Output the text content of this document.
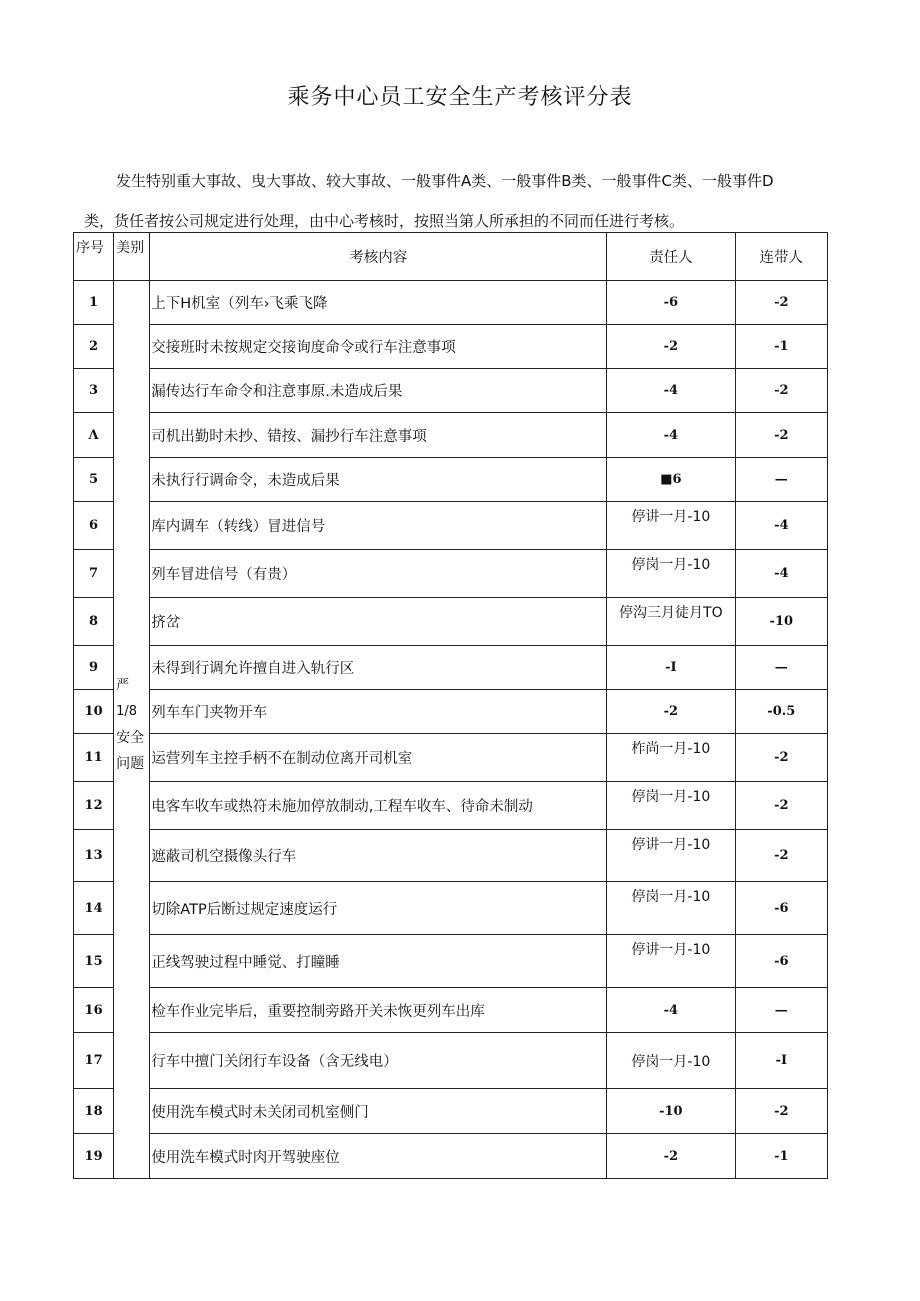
乘务中心员工安全生产考核评分表
发生特别重大事故、曳大事故、较大事故、一般事件A类、一般事件B类、一般事件C类、一般事件D
类，货任者按公司规定进行处理，由中心考核时，按照当第人所承担的不同而任进行考核。
序号	美别	考核内容	责任人	连带人
1	严
1/8
安全
问题	上下H机室（列车›飞乘飞降	-6	-2
2		交接班时未按规定交接询度命令或行车注意事项	-2	-1
3		漏传达行车命令和注意事原.未造成后果	-4	-2
Λ		司机出勤时未抄、错按、漏抄行车注意事项	-4	-2
5		未执行行调命令，未造成后果	■6	—
6		库内调车（转线）冒进信号	停讲一月-10	-4
7		列车冒进信号（有贵）	停岗一月-10	-4
8		挤岔	停沟三月徒月TO	-10
9		未得到行调允许擅自进入轨行区	-I	—
10		列车车门夹物开车	-2	-0.5
11		运营列车主控手柄不在制动位离开司机室	柞尚一月-10	-2
12		电客车收车或热符未施加停放制动,工程车收车、待命未制动	停岗一月-10	-2
13		遮蔽司机空摄像头行车	停讲一月-10	-2
14		切除ATP后断过规定速度运行	停岗一月-10	-6
15		正线驾驶过程中睡觉、打瞳睡	停讲一月-10	-6
16		检车作业完毕后，重要控制旁路开关未恢更列车出库	-4	—
17		行车中擅门关闭行车设备（含无线电）	停岗一月-10	-I
18		使用洗车模式时未关闭司机室侧门	-10	-2
19		使用洗车模式时肉开驾驶座位	-2	-1
